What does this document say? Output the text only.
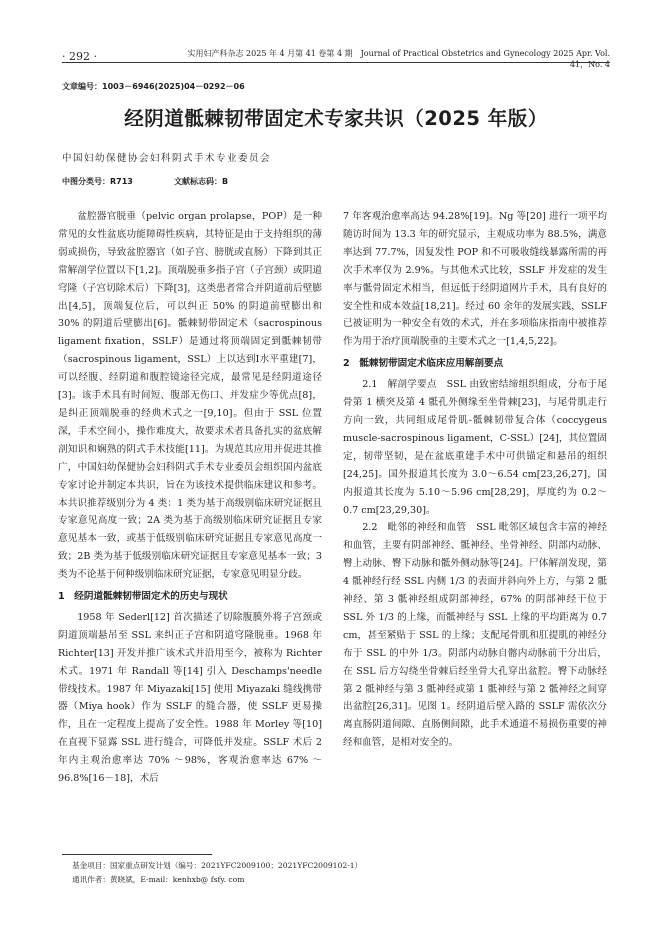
· 292 ·	实用妇产科杂志 2025 年 4 月第 41 卷第 4 期　Journal of Practical Obstetrics and Gynecology 2025 Apr. Vol. 41，No. 4
文章编号：1003－6946(2025)04－0292－06
经阴道骶棘韧带固定术专家共识（2025 年版）
中国妇幼保健协会妇科阴式手术专业委员会
中图分类号：R713	文献标志码：B

盆腔器官脱垂（pelvic organ prolapse，POP）是一种常见的女性盆底功能障碍性疾病，其特征是由于支持组织的薄弱或损伤，导致盆腔器官（如子宫、膀胱或直肠）下降到其正常解剖学位置以下[1,2]。顶端脱垂多指子宫（子宫颈）或阴道穹隆（子宫切除术后）下降[3]，这类患者常合并阴道前后壁膨出[4,5]，顶端复位后，可以纠正 50% 的阴道前壁膨出和 30% 的阴道后壁膨出[6]。骶棘韧带固定术（sacrospinous ligament fixation，SSLF）是通过将顶端固定到骶棘韧带（sacrospinous ligament，SSL）上以达到Ⅰ水平重建[7]，可以经腹、经阴道和腹腔镜途径完成，最常见是经阴道途径[3]。该手术具有时间短、腹部无伤口、并发症少等优点[8]，是纠正顶端脱垂的经典术式之一[9,10]。但由于 SSL 位置深，手术空间小，操作难度大，故要求术者具备扎实的盆底解剖知识和娴熟的阴式手术技能[11]。为规范其应用并促进其推广，中国妇幼保健协会妇科阴式手术专业委员会组织国内盆底专家讨论并制定本共识，旨在为该技术提供临床建议和参考。本共识推荐级别分为 4 类：1 类为基于高级别临床研究证据且专家意见高度一致；2A 类为基于高级别临床研究证据且专家意见基本一致，或基于低级别临床研究证据且专家意见高度一致；2B 类为基于低级别临床研究证据且专家意见基本一致；3 类为不论基于何种级别临床研究证据，专家意见明显分歧。

1　经阴道骶棘韧带固定术的历史与现状

1958 年 Sederl[12] 首次描述了切除腹膜外将子宫颈或阴道顶端悬吊至 SSL 来纠正子宫和阴道穹隆脱垂。1968 年 Richter[13] 开发并推广该术式并沿用至今，被称为 Richter 术式。1971 年 Randall 等[14] 引入 Deschamps'needle 带线技术。1987 年 Miyazaki[15] 使用 Miyazaki 缝线携带器（Miya hook）作为 SSLF 的缝合器，使 SSLF 更易操作，且在一定程度上提高了安全性。1988 年 Morley 等[10] 在直视下显露 SSL 进行缝合，可降低并发症。SSLF 术后 2 年内主观治愈率达 70% ～98%，客观治愈率达 67% ～96.8%[16－18]，术后

7 年客观治愈率高达 94.28%[19]。Ng 等[20] 进行一项平均随访时间为 13.3 年的研究显示，主观成功率为 88.5%，满意率达到 77.7%，因复发性 POP 和不可吸收缝线暴露所需的再次手术率仅为 2.9%。与其他术式比较，SSLF 并发症的发生率与骶骨固定术相当，但远低于经阴道网片手术，具有良好的安全性和成本效益[18,21]。经过 60 余年的发展实践，SSLF 已被证明为一种安全有效的术式，并在多项临床指南中被推荐作为用于治疗顶端脱垂的主要术式之一[1,4,5,22]。

2　骶棘韧带固定术临床应用解剖要点

2.1　解剖学要点　SSL 由致密结缔组织组成，分布于尾骨第 1 横突及第 4 骶孔外侧缘至坐骨棘[23]，与尾骨肌走行方向一致，共同组成尾骨肌-骶棘韧带复合体（coccygeus muscle-sacrospinous ligament，C-SSL）[24]，其位置固定，韧带坚韧，是在盆底重建手术中可供锚定和悬吊的组织[24,25]。国外报道其长度为 3.0～6.54 cm[23,26,27]，国内报道其长度为 5.10～5.96 cm[28,29]，厚度约为 0.2～0.7 cm[23,29,30]。

2.2　毗邻的神经和血管　SSL 毗邻区域包含丰富的神经和血管，主要有阴部神经、骶神经、坐骨神经、阴部内动脉、臀上动脉、臀下动脉和骶外侧动脉等[24]。尸体解剖发现，第 4 骶神经行经 SSL 内侧 1/3 的表面并斜向外上方，与第 2 骶神经、第 3 骶神经组成阴部神经，67% 的阴部神经干位于 SSL 外 1/3 的上缘，而骶神经与 SSL 上缘的平均距离为 0.7 cm，甚至紧贴于 SSL 的上缘；支配尾骨肌和肛提肌的神经分布于 SSL 的中外 1/3。阴部内动脉自髂内动脉前干分出后，在 SSL 后方勾绕坐骨棘后经坐骨大孔穿出盆腔。臀下动脉经第 2 骶神经与第 3 骶神经或第 1 骶神经与第 2 骶神经之间穿出盆腔[26,31]。见图 1。经阴道后壁入路的 SSLF 需依次分离直肠阴道间隙、直肠侧间隙，此手术通道不易损伤重要的神经和血管，是相对安全的。

基金项目：国家重点研发计划（编号：2021YFC2009100；2021YFC2009102-1）
通讯作者：黄晓斌，E-mail：kenhxb@ fsfy. com
